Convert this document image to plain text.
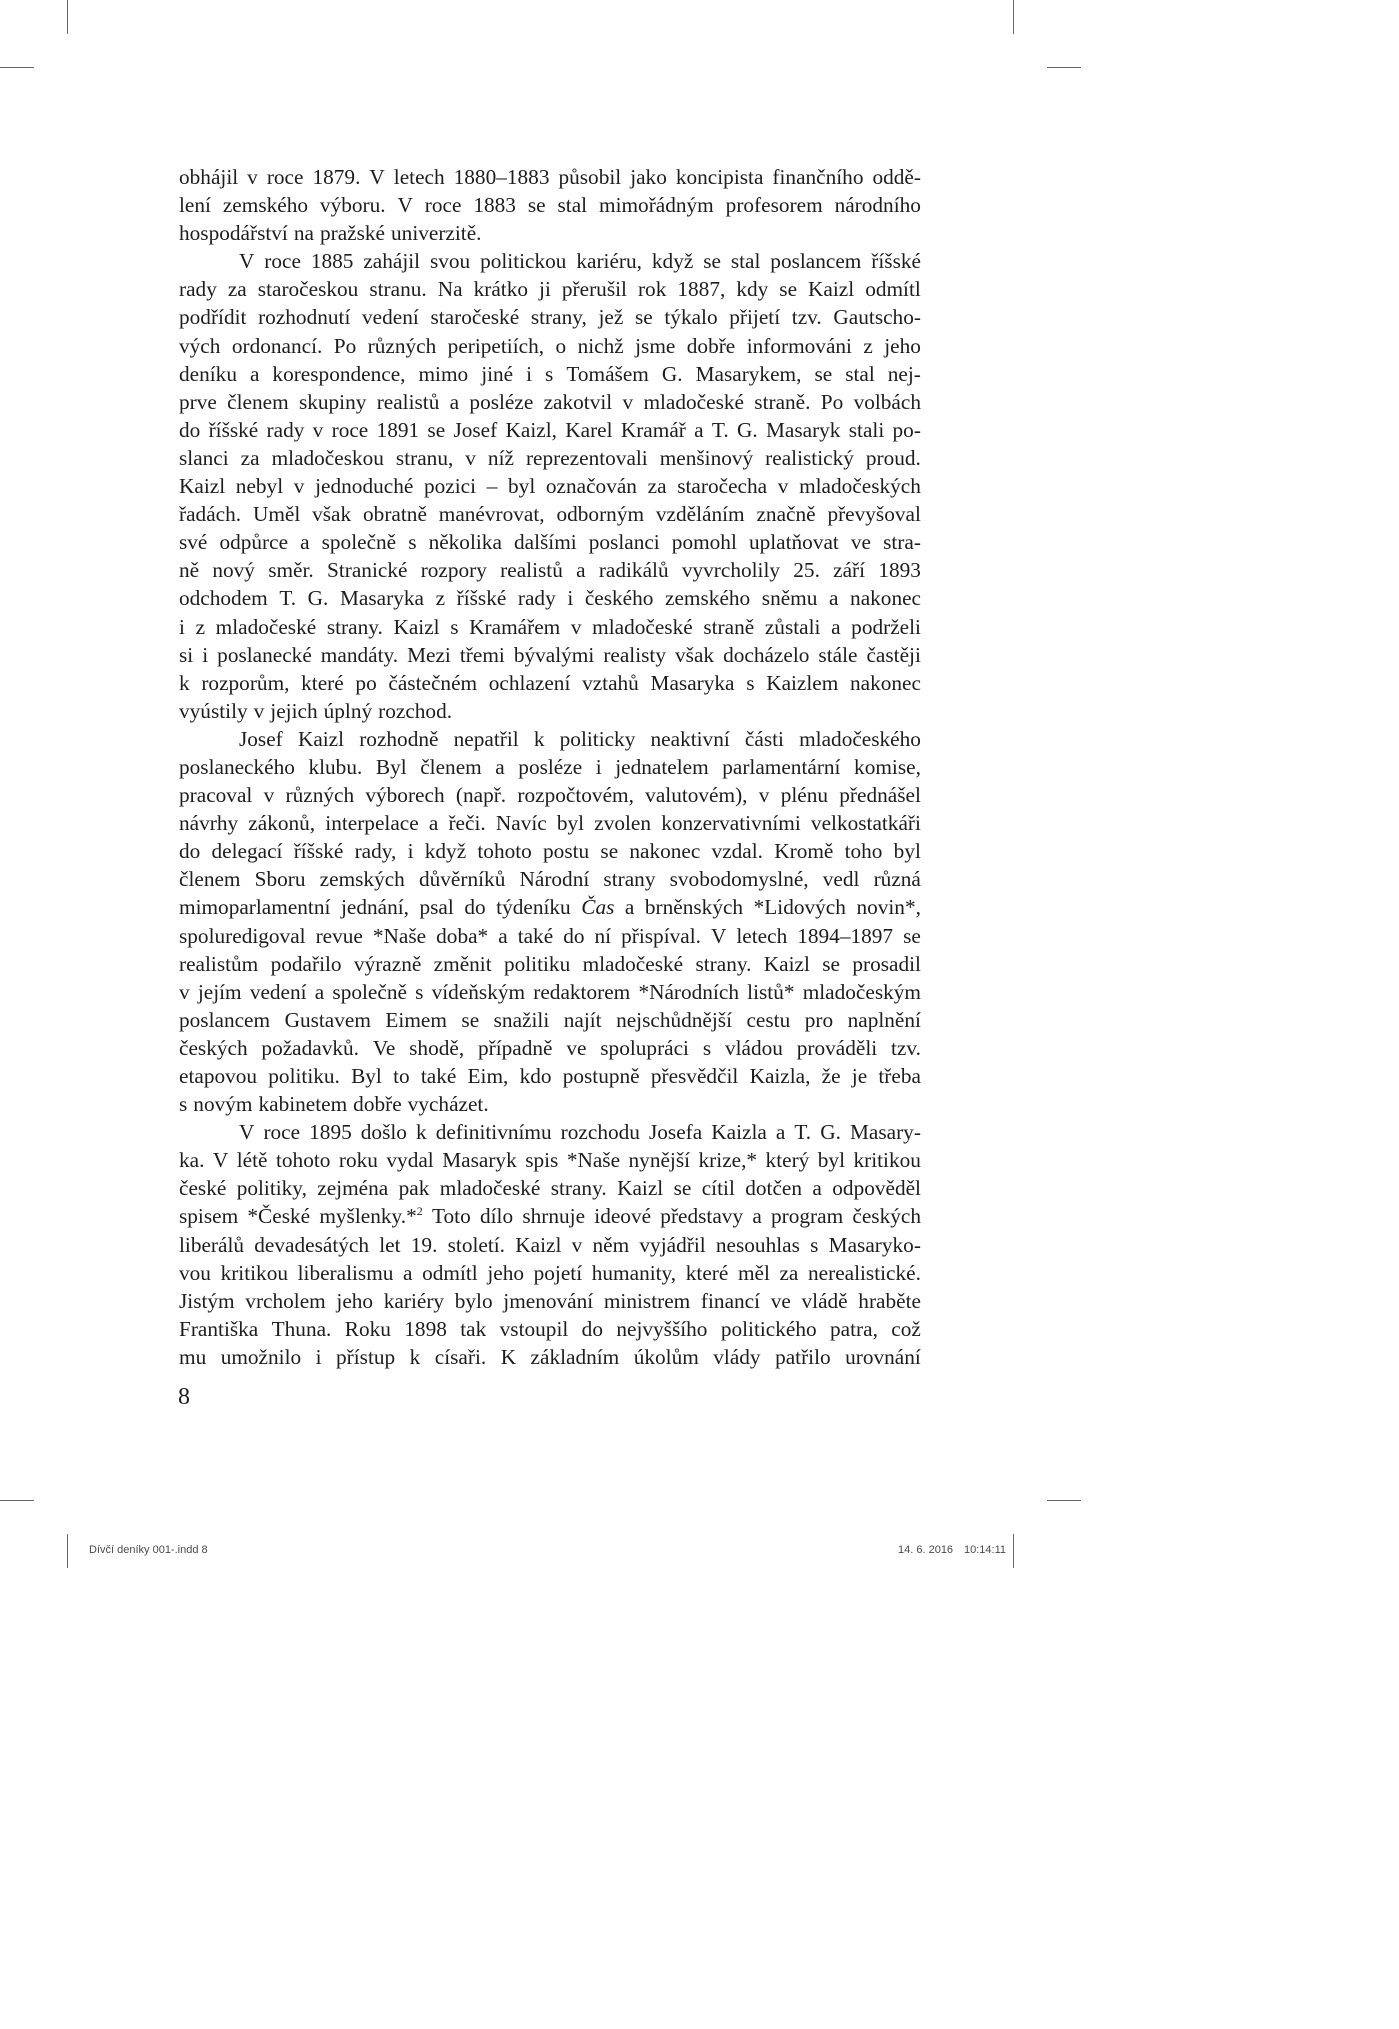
obhájil v roce 1879. V letech 1880–1883 působil jako koncipista finančního oddě-
lení zemského výboru. V roce 1883 se stal mimořádným profesorem národního
hospodářství na pražské univerzitě.
V roce 1885 zahájil svou politickou kariéru, když se stal poslancem říšské
rady za staročeskou stranu. Na krátko ji přerušil rok 1887, kdy se Kaizl odmítl
podřídit rozhodnutí vedení staročeské strany, jež se týkalo přijetí tzv. Gautscho-
vých ordonancí. Po různých peripetiích, o nichž jsme dobře informováni z jeho
deníku a korespondence, mimo jiné i s Tomášem G. Masarykem, se stal nej-
prve členem skupiny realistů a posléze zakotvil v mladočeské straně. Po volbách
do říšské rady v roce 1891 se Josef Kaizl, Karel Kramář a T. G. Masaryk stali po-
slanci za mladočeskou stranu, v níž reprezentovali menšinový realistický proud.
Kaizl nebyl v jednoduché pozici – byl označován za staročecha v mladočeských
řadách. Uměl však obratně manévrovat, odborným vzděláním značně převyšoval
své odpůrce a společně s několika dalšími poslanci pomohl uplatňovat ve stra-
ně nový směr. Stranické rozpory realistů a radikálů vyvrcholily 25. září 1893
odchodem T. G. Masaryka z říšské rady i českého zemského sněmu a nakonec
i z mladočeské strany. Kaizl s Kramářem v mladočeské straně zůstali a podrželi
si i poslanecké mandáty. Mezi třemi bývalými realisty však docházelo stále častěji
k rozporům, které po částečném ochlazení vztahů Masaryka s Kaizlem nakonec
vyústily v jejich úplný rozchod.
Josef Kaizl rozhodně nepatřil k politicky neaktivní části mladočeského
poslaneckého klubu. Byl členem a posléze i jednatelem parlamentární komise,
pracoval v různých výborech (např. rozpočtovém, valutovém), v plénu přednášel
návrhy zákonů, interpelace a řeči. Navíc byl zvolen konzervativními velkostatkáři
do delegací říšské rady, i když tohoto postu se nakonec vzdal. Kromě toho byl
členem Sboru zemských důvěrníků Národní strany svobodomyslné, vedl různá
mimoparlamentní jednání, psal do týdeníku Čas a brněnských *Lidových novin*,
spoluredigoval revue *Naše doba* a také do ní přispíval. V letech 1894–1897 se
realistům podařilo výrazně změnit politiku mladočeské strany. Kaizl se prosadil
v jejím vedení a společně s vídeňským redaktorem *Národních listů* mladočeským
poslancem Gustavem Eimem se snažili najít nejschůdnější cestu pro naplnění
českých požadavků. Ve shodě, případně ve spolupráci s vládou prováděli tzv.
etapovou politiku. Byl to také Eim, kdo postupně přesvědčil Kaizla, že je třeba
s novým kabinetem dobře vycházet.
V roce 1895 došlo k definitivnímu rozchodu Josefa Kaizla a T. G. Masary-
ka. V létě tohoto roku vydal Masaryk spis *Naše nynější krize,* který byl kritikou
české politiky, zejména pak mladočeské strany. Kaizl se cítil dotčen a odpověděl
spisem *České myšlenky.*$^2$ Toto dílo shrnuje ideové představy a program českých
liberálů devadesátých let 19. století. Kaizl v něm vyjádřil nesouhlas s Masaryko-
vou kritikou liberalismu a odmítl jeho pojetí humanity, které měl za nerealistické.
Jistým vrcholem jeho kariéry bylo jmenování ministrem financí ve vládě hraběte
Františka Thuna. Roku 1898 tak vstoupil do nejvyššího politického patra, což
mu umožnilo i přístup k císaři. K základním úkolům vlády patřilo urovnání
8
Dívčí deníky 001-.indd 8	14. 6. 2016 10:14:11
